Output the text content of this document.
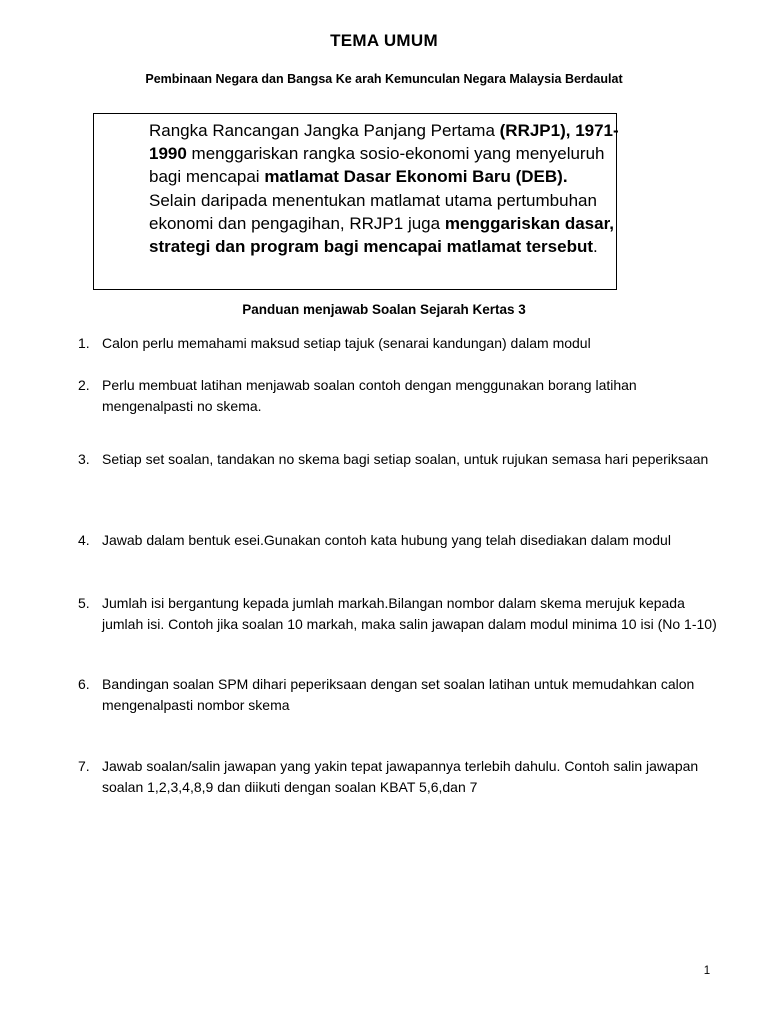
TEMA UMUM
Pembinaan Negara dan Bangsa Ke arah Kemunculan Negara Malaysia Berdaulat
Rangka Rancangan Jangka Panjang Pertama (RRJP1), 1971-1990 menggariskan rangka sosio-ekonomi yang menyeluruh bagi mencapai matlamat Dasar Ekonomi Baru (DEB). Selain daripada menentukan matlamat utama pertumbuhan ekonomi dan pengagihan, RRJP1 juga menggariskan dasar, strategi dan program bagi mencapai matlamat tersebut.
Panduan menjawab Soalan Sejarah Kertas 3
1. Calon perlu memahami maksud setiap tajuk (senarai kandungan) dalam modul
2. Perlu membuat latihan menjawab soalan contoh dengan menggunakan borang latihan mengenalpasti no skema.
3. Setiap set soalan, tandakan no skema bagi setiap soalan, untuk rujukan semasa hari peperiksaan
4. Jawab dalam bentuk esei.Gunakan contoh kata hubung yang telah disediakan dalam modul
5. Jumlah isi bergantung kepada jumlah markah.Bilangan nombor dalam skema merujuk kepada jumlah isi. Contoh jika soalan 10 markah, maka salin jawapan dalam modul minima 10 isi (No 1-10)
6. Bandingan soalan SPM dihari peperiksaan dengan set soalan latihan untuk memudahkan calon mengenalpasti nombor skema
7. Jawab soalan/salin jawapan yang yakin tepat jawapannya terlebih dahulu. Contoh salin jawapan soalan 1,2,3,4,8,9 dan diikuti dengan soalan KBAT 5,6,dan 7
1
